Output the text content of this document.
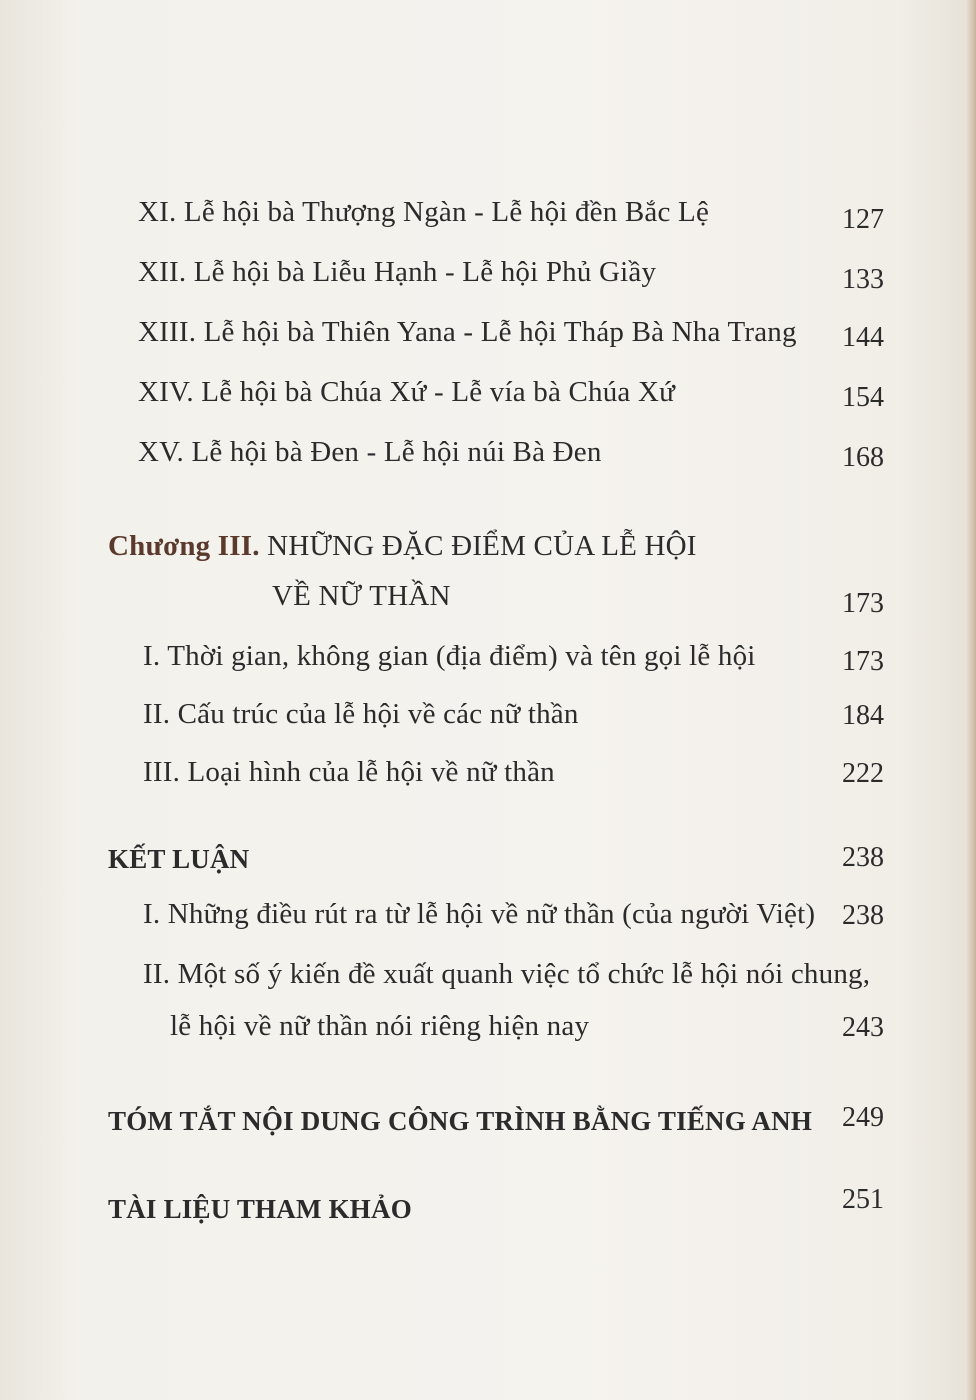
XI. Lễ hội bà Thượng Ngàn - Lễ hội đền Bắc Lệ	127
XII. Lễ hội bà Liễu Hạnh - Lễ hội Phủ Giầy	133
XIII. Lễ hội bà Thiên Yana - Lễ hội Tháp Bà Nha Trang 144
XIV. Lễ hội bà Chúa Xứ - Lễ vía bà Chúa Xứ	154
XV. Lễ hội bà Đen - Lễ hội núi Bà Đen	168
Chương III. NHỮNG ĐẶC ĐIỂM CỦA LỄ HỘI
VỀ NỮ THẦN	173
I. Thời gian, không gian (địa điểm) và tên gọi lễ hội	173
II. Cấu trúc của lễ hội về các nữ thần	184
III. Loại hình của lễ hội về nữ thần	222
KẾT LUẬN	238
I. Những điều rút ra từ lễ hội về nữ thần (của người Việt) 238
II. Một số ý kiến đề xuất quanh việc tổ chức lễ hội nói chung,
lễ hội về nữ thần nói riêng hiện nay	243
TÓM TẮT NỘI DUNG CÔNG TRÌNH BẰNG TIẾNG ANH 249
TÀI LIỆU THAM KHẢO	251
